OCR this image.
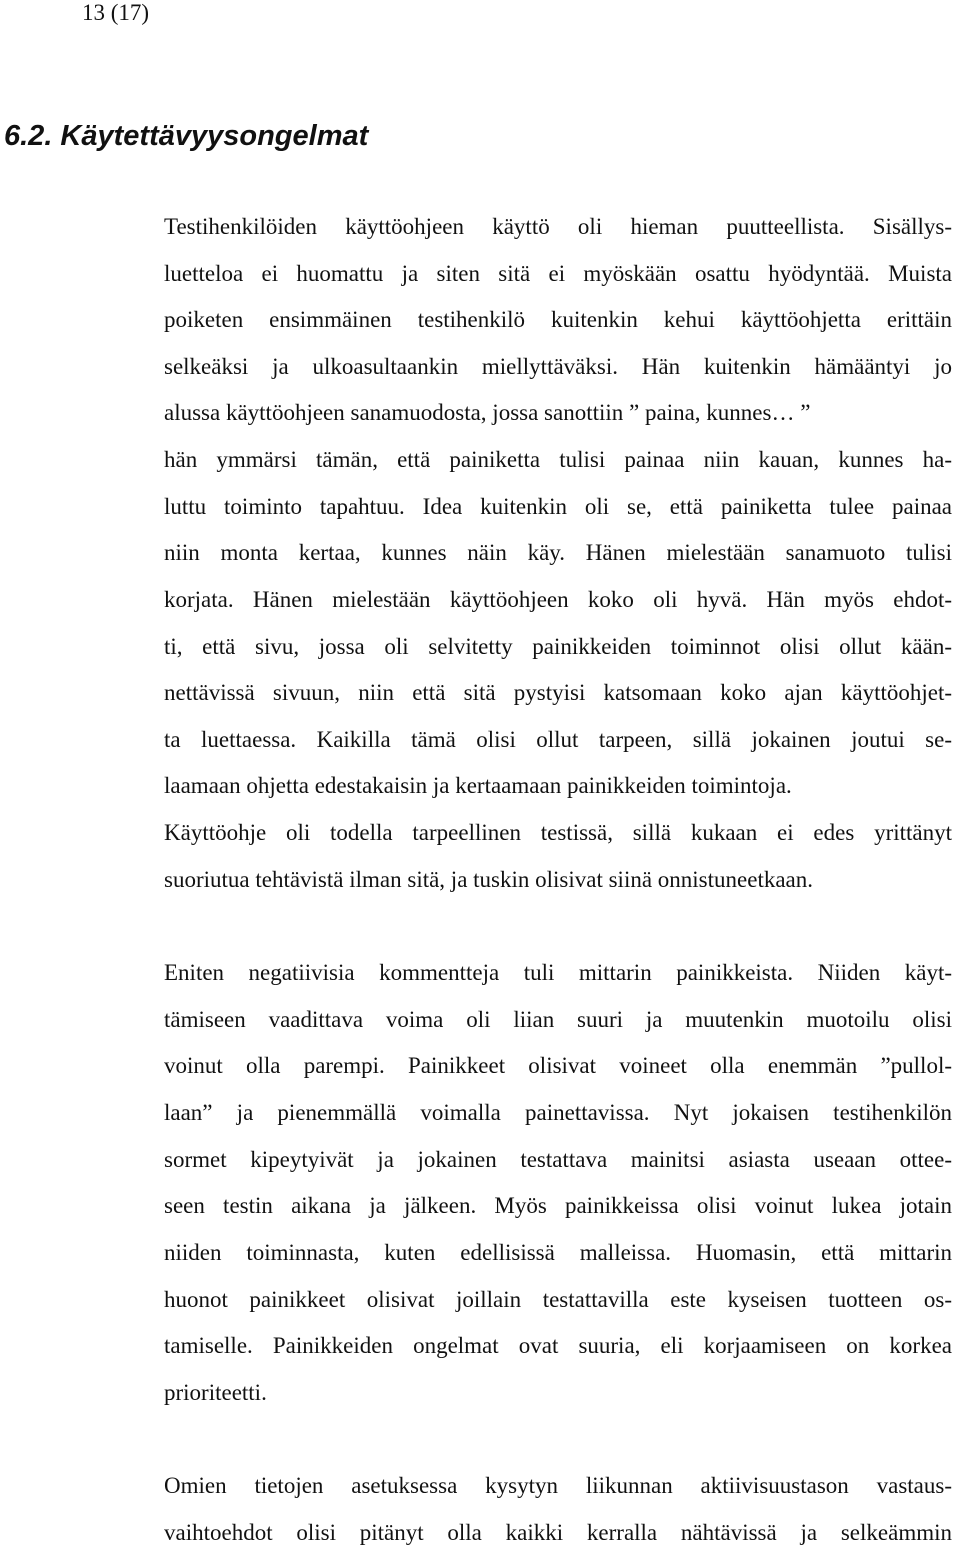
13 (17)
6.2. Käytettävyysongelmat
Testihenkilöiden käyttöohjeen käyttö oli hieman puutteellista. Sisällys-
luetteloa ei huomattu ja siten sitä ei myöskään osattu hyödyntää. Muista
poiketen ensimmäinen testihenkilö kuitenkin kehui käyttöohjetta erittäin
selkeäksi ja ulkoasultaankin miellyttäväksi. Hän kuitenkin hämääntyi jo
alussa käyttöohjeen sanamuodosta, jossa sanottiin ” paina, kunnes… ”
hän ymmärsi tämän, että painiketta tulisi painaa niin kauan, kunnes ha-
luttu toiminto tapahtuu. Idea kuitenkin oli se, että painiketta tulee painaa
niin monta kertaa, kunnes näin käy. Hänen mielestään sanamuoto tulisi
korjata. Hänen mielestään käyttöohjeen koko oli hyvä. Hän myös ehdot-
ti, että sivu, jossa oli selvitetty painikkeiden toiminnot olisi ollut kään-
nettävissä sivuun, niin että sitä pystyisi katsomaan koko ajan käyttöohjet-
ta luettaessa. Kaikilla tämä olisi ollut tarpeen, sillä jokainen joutui se-
laamaan ohjetta edestakaisin ja kertaamaan painikkeiden toimintoja.
Käyttöohje oli todella tarpeellinen testissä, sillä kukaan ei edes yrittänyt
suoriutua tehtävistä ilman sitä, ja tuskin olisivat siinä onnistuneetkaan.
Eniten negatiivisia kommentteja tuli mittarin painikkeista. Niiden käyt-
tämiseen vaadittava voima oli liian suuri ja muutenkin muotoilu olisi
voinut olla parempi. Painikkeet olisivat voineet olla enemmän ”pullol-
laan” ja pienemmällä voimalla painettavissa. Nyt jokaisen testihenkilön
sormet kipeytyivät ja jokainen testattava mainitsi asiasta useaan ottee-
seen testin aikana ja jälkeen. Myös painikkeissa olisi voinut lukea jotain
niiden toiminnasta, kuten edellisissä malleissa. Huomasin, että mittarin
huonot painikkeet olisivat joillain testattavilla este kyseisen tuotteen os-
tamiselle. Painikkeiden ongelmat ovat suuria, eli korjaamiseen on korkea
prioriteetti.
Omien tietojen asetuksessa kysytyn liikunnan aktiivisuustason vastaus-
vaihtoehdot olisi pitänyt olla kaikki kerralla nähtävissä ja selkeämmin
